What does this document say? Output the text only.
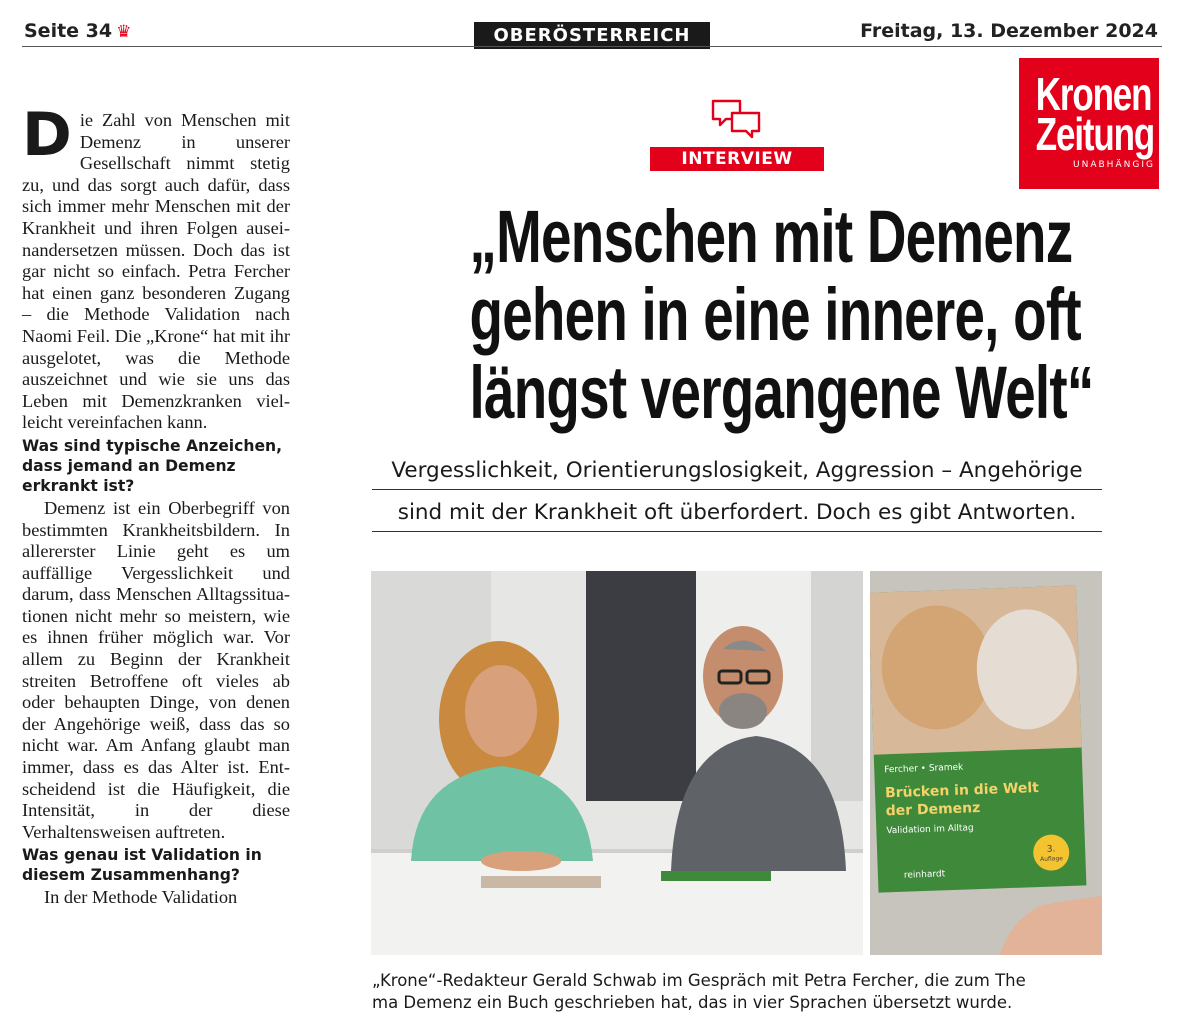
Seite 34 ♛	OBERÖSTERREICH	Freitag, 13. Dezember 2024

Die Zahl von Menschen mit Demenz in unserer Gesellschaft nimmt stetig zu, und das sorgt auch dafür, dass sich immer mehr Menschen mit der Krankheit und ihren Folgen auseinandersetzen müssen. Doch das ist gar nicht so einfach. Petra Fercher hat einen ganz besonderen Zugang – die Methode Validation nach Naomi Feil. Die „Krone“ hat mit ihr ausgelotet, was die Methode auszeichnet und wie sie uns das Leben mit Demenzkranken vielleicht vereinfachen kann.

Was sind typische Anzeichen, dass jemand an Demenz erkrankt ist?

Demenz ist ein Oberbegriff von bestimmten Krankheitsbildern. In allererster Linie geht es um auffällige Vergesslichkeit und darum, dass Menschen Alltagssituationen nicht mehr so meistern, wie es ihnen früher möglich war. Vor allem zu Beginn der Krankheit streiten Betroffene oft vieles ab oder behaupten Dinge, von denen der Angehörige weiß, dass das so nicht war. Am Anfang glaubt man immer, dass es das Alter ist. Entscheidend ist die Häufigkeit, die Intensität, in der diese Verhaltensweisen auftreten.

Was genau ist Validation in diesem Zusammenhang?

In der Methode Validation

INTERVIEW
Kronen
Zeitung
UNABHÄNGIG
„Menschen mit Demenz
gehen in eine innere, oft
längst vergangene Welt“
Vergesslichkeit, Orientierungslosigkeit, Aggression – Angehörige
sind mit der Krankheit oft überfordert. Doch es gibt Antworten.
Fercher • Sramek
Brücken in die Welt
der Demenz
Validation im Alltag
reinhardt
3.
Auflage
„Krone“-Redakteur Gerald Schwab im Gespräch mit Petra Fercher, die zum The
ma Demenz ein Buch geschrieben hat, das in vier Sprachen übersetzt wurde.
